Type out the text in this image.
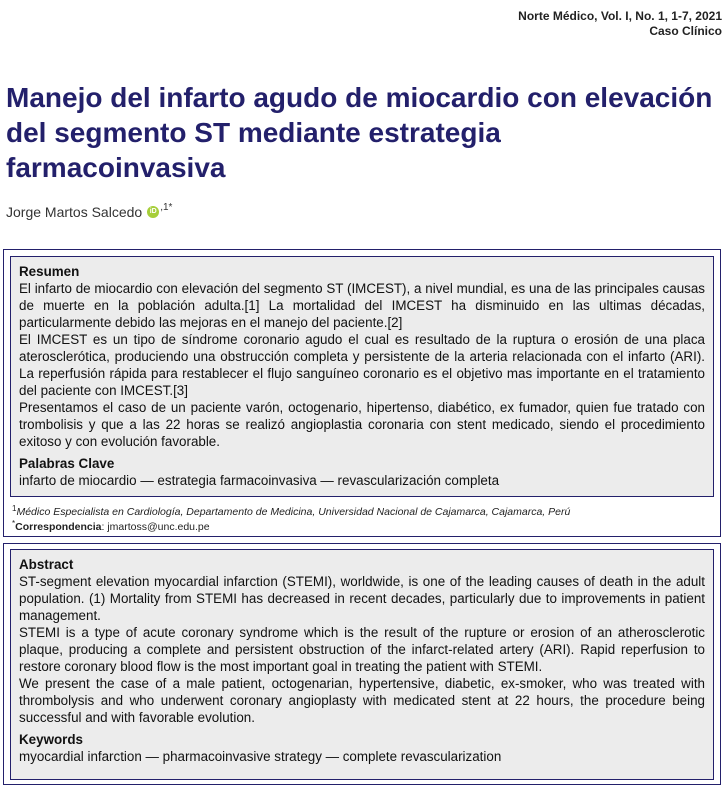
Norte Médico, Vol. I, No. 1, 1-7, 2021
Caso Clínico
Manejo del infarto agudo de miocardio con elevación del segmento ST mediante estrategia farmacoinvasiva
Jorge Martos Salcedo	iD ,1*
Resumen

El infarto de miocardio con elevación del segmento ST (IMCEST), a nivel mundial, es una de las principales causas de muerte en la población adulta.[1] La mortalidad del IMCEST ha disminuido en las ultimas décadas, particularmente debido las mejoras en el manejo del paciente.[2]

El IMCEST es un tipo de síndrome coronario agudo el cual es resultado de la ruptura o erosión de una placa aterosclerótica, produciendo una obstrucción completa y persistente de la arteria relacionada con el infarto (ARI). La reperfusión rápida para restablecer el flujo sanguíneo coronario es el objetivo mas importante en el tratamiento del paciente con IMCEST.[3]

Presentamos el caso de un paciente varón, octogenario, hipertenso, diabético, ex fumador, quien fue tratado con trombolisis y que a las 22 horas se realizó angioplastia coronaria con stent medicado, siendo el procedimiento exitoso y con evolución favorable.

Palabras Clave
infarto de miocardio — estrategia farmacoinvasiva — revascularización completa
$^1$Médico Especialista en Cardiología, Departamento de Medicina, Universidad Nacional de Cajamarca, Cajamarca, Perú
*Correspondencia: jmartoss@unc.edu.pe
Abstract

ST-segment elevation myocardial infarction (STEMI), worldwide, is one of the leading causes of death in the adult population. (1) Mortality from STEMI has decreased in recent decades, particularly due to improvements in patient management.

STEMI is a type of acute coronary syndrome which is the result of the rupture or erosion of an atherosclerotic plaque, producing a complete and persistent obstruction of the infarct-related artery (ARI). Rapid reperfusion to restore coronary blood flow is the most important goal in treating the patient with STEMI.

We present the case of a male patient, octogenarian, hypertensive, diabetic, ex-smoker, who was treated with thrombolysis and who underwent coronary angioplasty with medicated stent at 22 hours, the procedure being successful and with favorable evolution.

Keywords
myocardial infarction — pharmacoinvasive strategy — complete revascularization
